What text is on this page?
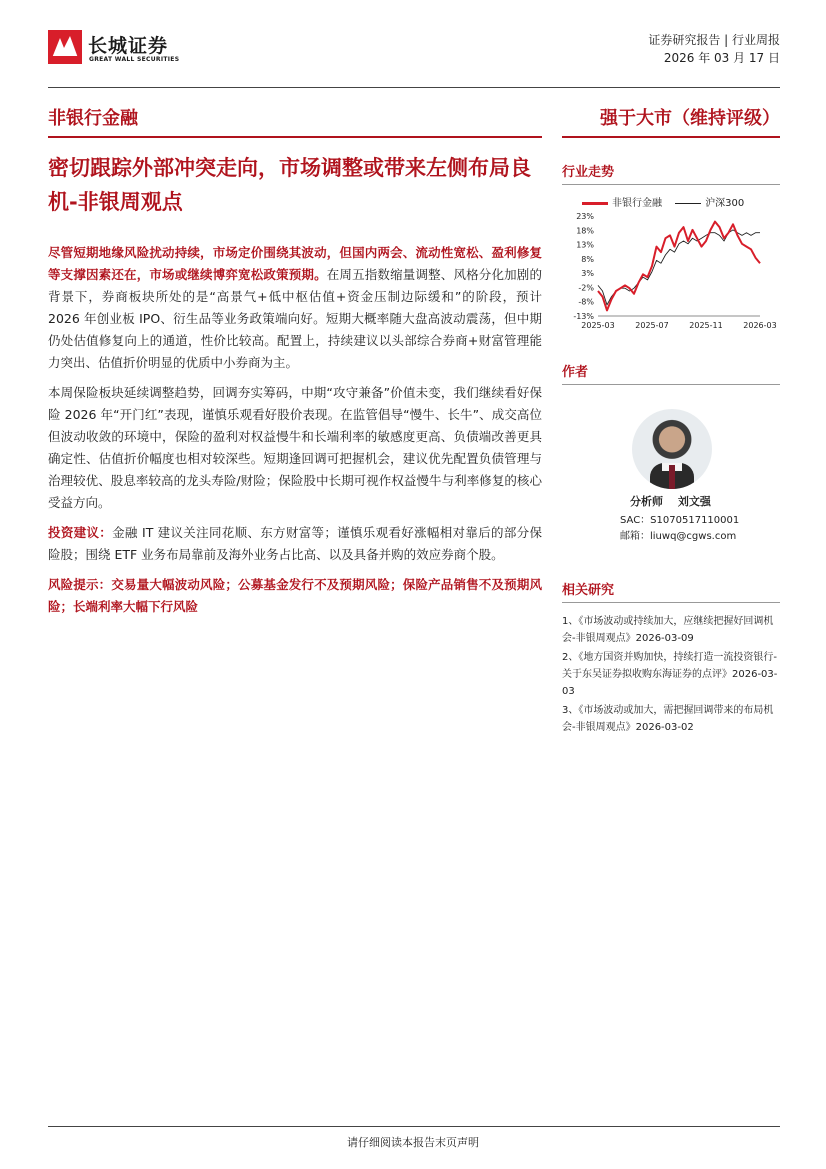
长城证券
GREAT WALL SECURITIES
证券研究报告 | 行业周报
2026 年 03 月 17 日
非银行金融	强于大市（维持评级）
密切跟踪外部冲突走向，市场调整或带来左侧布局良机-非银周观点

尽管短期地缘风险扰动持续，市场定价围绕其波动，但国内两会、流动性宽松、盈利修复等支撑因素还在，市场或继续博弈宽松政策预期。在周五指数缩量调整、风格分化加剧的背景下，券商板块所处的是“高景气+低中枢估值+资金压制边际缓和”的阶段，预计 2026 年创业板 IPO、衍生品等业务政策端向好。短期大概率随大盘高波动震荡，但中期仍处估值修复向上的通道，性价比较高。配置上，持续建议以头部综合券商+财富管理能力突出、估值折价明显的优质中小券商为主。

本周保险板块延续调整趋势，回调夯实筹码，中期“攻守兼备”价值未变，我们继续看好保险 2026 年“开门红”表现，谨慎乐观看好股价表现。在监管倡导“慢牛、长牛”、成交高位但波动收敛的环境中，保险的盈利对权益慢牛和长端利率的敏感度更高、负债端改善更具确定性、估值折价幅度也相对较深些。短期逢回调可把握机会，建议优先配置负债管理与治理较优、股息率较高的龙头寿险/财险；保险股中长期可视作权益慢牛与利率修复的核心受益方向。

投资建议：金融 IT 建议关注同花顺、东方财富等；谨慎乐观看好涨幅相对靠后的部分保险股；围绕 ETF 业务布局靠前及海外业务占比高、以及具备并购的效应券商个股。

风险提示：交易量大幅波动风险；公募基金发行不及预期风险；保险产品销售不及预期风险；长端利率大幅下行风险

行业走势
非银行金融	沪深300
23%
18%
13%
8%
3%
-2%
-8%
-13%
2025-03	2025-07	2025-11	2026-03
作者
分析师　 刘文强
SAC：S1070517110001
邮箱：liuwq@cgws.com
相关研究
1、《市场波动或持续加大，应继续把握好回调机会-非银周观点》2026-03-09
2、《地方国资并购加快，持续打造一流投资银行-关于东吴证券拟收购东海证券的点评》2026-03-03
3、《市场波动或加大，需把握回调带来的布局机会-非银周观点》2026-03-02
请仔细阅读本报告末页声明
